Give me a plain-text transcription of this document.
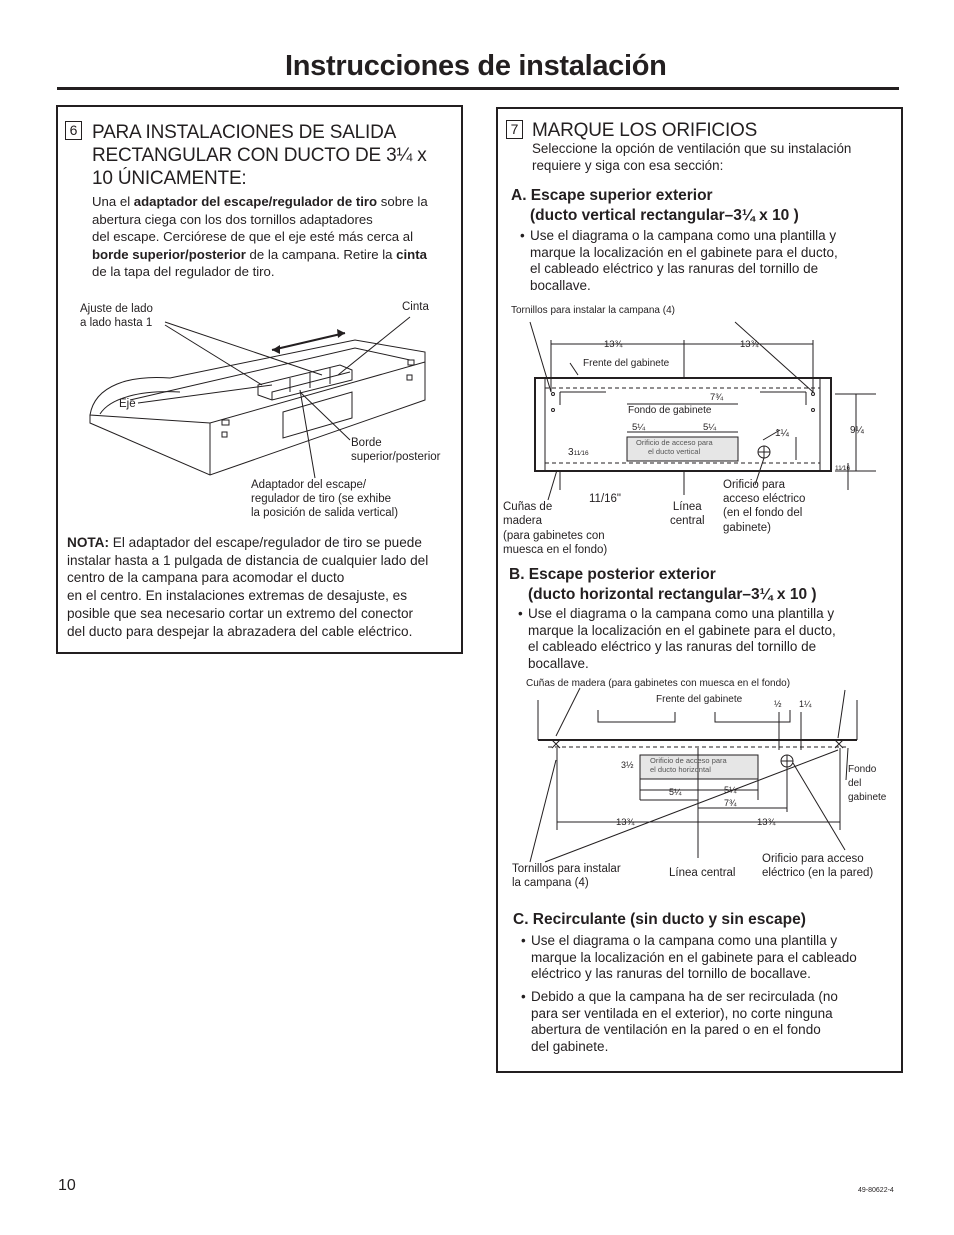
Instrucciones de instalación
6 PARA INSTALACIONES DE SALIDA
RECTANGULAR CON DUCTO DE 3¼ x
10 ÚNICAMENTE:
Una el adaptador del escape/regulador de tiro sobre la
abertura ciega con los dos tornillos adaptadores
del escape. Cerciórese de que el eje esté más cerca al
borde superior/posterior de la campana. Retire la cinta
de la tapa del regulador de tiro.
Ajuste de lado
a lado hasta 1
Cinta
Eje
Borde
superior/posterior
Adaptador del escape/
regulador de tiro (se exhibe
la posición de salida vertical)
NOTA: El adaptador del escape/regulador de tiro se puede
instalar hasta a 1 pulgada de distancia de cualquier lado del
centro de la campana para acomodar el ducto
en el centro. En instalaciones extremas de desajuste, es
posible que sea necesario cortar un extremo del conector
del ducto para despejar la abrazadera del cable eléctrico.
7 MARQUE LOS ORIFICIOS
Seleccione la opción de ventilación que su instalación
requiere y siga con esa sección:
A. Escape superior exterior
(ducto vertical rectangular–3¼ x 10 )
• Use el diagrama o la campana como una plantilla y
marque la localización en el gabinete para el ducto,
el cableado eléctrico y las ranuras del tornillo de
bocallave.
Tornillos para instalar la campana (4)
13¾	13¾
Frente del gabinete
7¾
Fondo de gabinete
5¼	5¼
1¼	9¼
311⁄16
Orificio de acceso para
el ducto vertical
11⁄16
11/16"
Cuñas de
madera
(para gabinetes con
muesca en el fondo)
Línea
central
Orificio para
acceso eléctrico
(en el fondo del
gabinete)
B. Escape posterior exterior
(ducto horizontal rectangular–3¼ x 10 )
• Use el diagrama o la campana como una plantilla y
marque la localización en el gabinete para el ducto,
el cableado eléctrico y las ranuras del tornillo de
bocallave.
Cuñas de madera (para gabinetes con muesca en el fondo)
Frente del gabinete	½ 1¼
3½ Orificio de acceso para
el ducto horizontal	Fondo
del
gabinete
5¼	5¼
7¾
13¾	13¾
Tornillos para instalar
la campana (4)
Línea central
Orificio para acceso
eléctrico (en la pared)
C. Recirculante (sin ducto y sin escape)
• Use el diagrama o la campana como una plantilla y
marque la localización en el gabinete para el cableado
eléctrico y las ranuras del tornillo de bocallave.
• Debido a que la campana ha de ser recirculada (no
para ser ventilada en el exterior), no corte ninguna
abertura de ventilación en la pared o en el fondo
del gabinete.
10	49-80622-4
